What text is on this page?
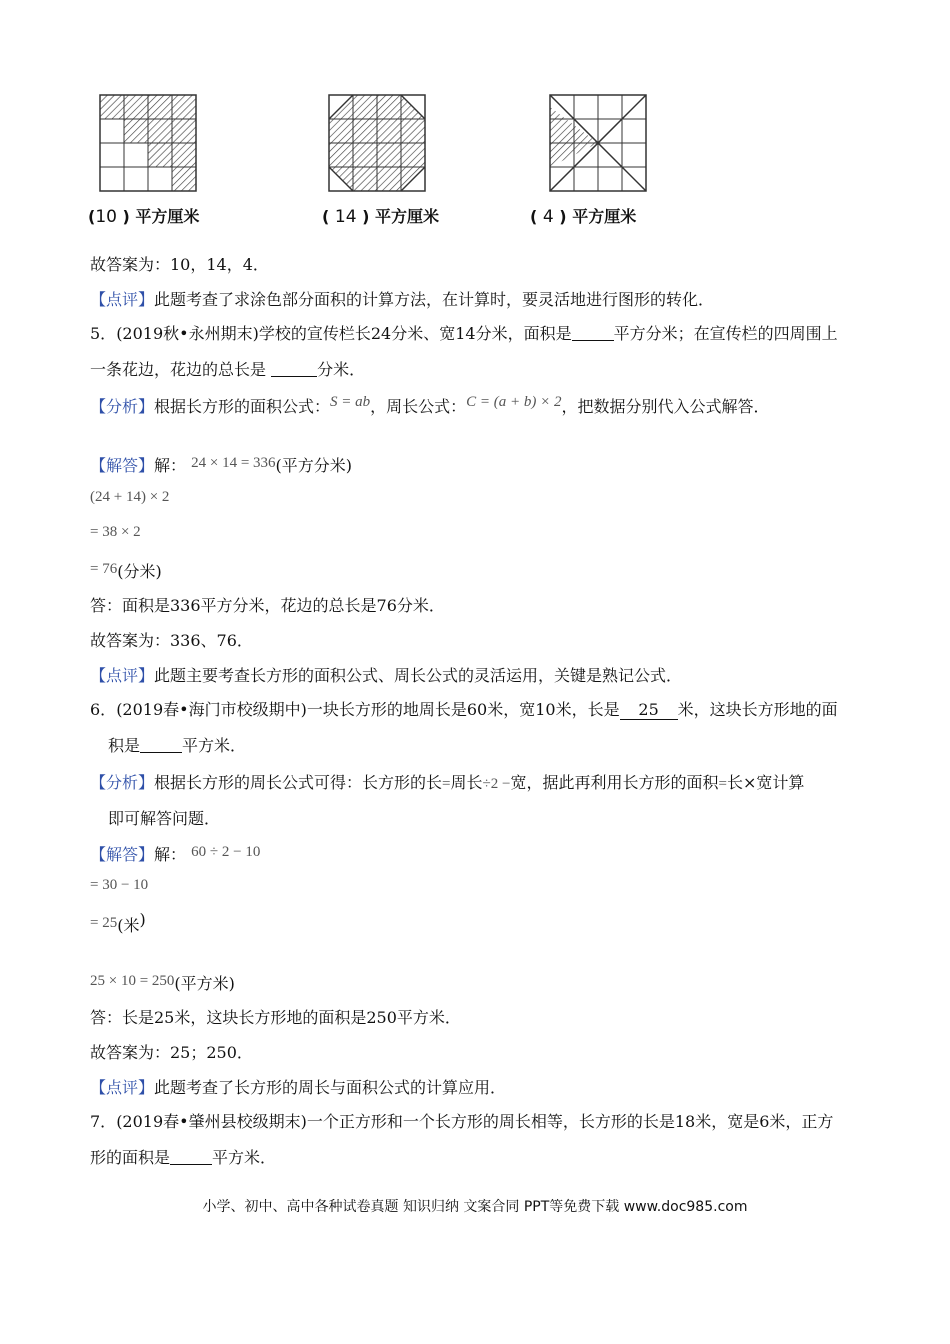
(10 ) 平方厘米	( 14 ) 平方厘米	( 4 ) 平方厘米
故答案为：10，14，4．
【点评】此题考查了求涂色部分面积的计算方法，在计算时，要灵活地进行图形的转化．
5．(2019秋•永州期末)学校的宣传栏长24分米、宽14分米，面积是	平方分米；在宣传栏的四周围上
一条花边，花边的总长是	分米．
【分析】根据长方形的面积公式：S = ab，周长公式：C = (a + b) × 2，把数据分别代入公式解答．
【解答】解： 24 × 14 = 336(平方分米)
(24 + 14) × 2
= 38 × 2
= 76(分米)
答：面积是336平方分米，花边的总长是76分米．
故答案为：336、76．
【点评】此题主要考查长方形的面积公式、周长公式的灵活运用，关键是熟记公式．
6．(2019春•海门市校级期中)一块长方形的地周长是60米，宽10米，长是 25 米，这块长方形地的面
积是	平方米．
【分析】根据长方形的周长公式可得：长方形的长=周长÷2 −宽，据此再利用长方形的面积=长×宽计算
即可解答问题．
【解答】解： 60 ÷ 2 − 10
= 30 − 10
= 25(米)
25 × 10 = 250(平方米)
答：长是25米，这块长方形地的面积是250平方米．
故答案为：25；250．
【点评】此题考查了长方形的周长与面积公式的计算应用．
7．(2019春•肇州县校级期末)一个正方形和一个长方形的周长相等，长方形的长是18米，宽是6米，正方
形的面积是	平方米．
小学、初中、高中各种试卷真题 知识归纳 文案合同 PPT等免费下载 www.doc985.com
